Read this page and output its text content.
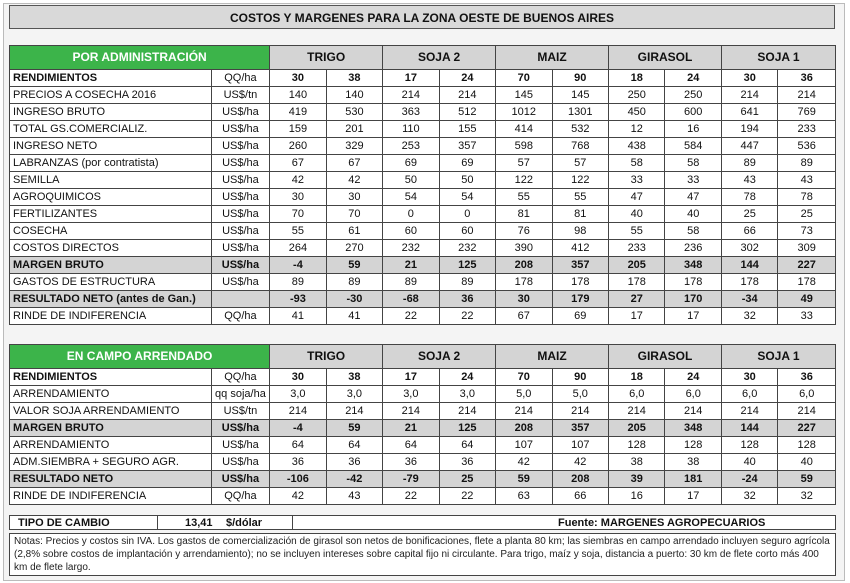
COSTOS Y MARGENES PARA LA ZONA OESTE DE BUENOS AIRES
POR ADMINISTRACIÓN		TRIGO		SOJA 2		MAIZ		GIRASOL		SOJA 1	
RENDIMIENTOS	QQ/ha	30	38	17	24	70	90	18	24	30	36
PRECIOS A COSECHA 2016	US$/tn	140	140	214	214	145	145	250	250	214	214
INGRESO BRUTO	US$/ha	419	530	363	512	1012	1301	450	600	641	769
TOTAL GS.COMERCIALIZ.	US$/ha	159	201	110	155	414	532	12	16	194	233
INGRESO NETO	US$/ha	260	329	253	357	598	768	438	584	447	536
LABRANZAS (por contratista)	US$/ha	67	67	69	69	57	57	58	58	89	89
SEMILLA	US$/ha	42	42	50	50	122	122	33	33	43	43
AGROQUIMICOS	US$/ha	30	30	54	54	55	55	47	47	78	78
FERTILIZANTES	US$/ha	70	70	0	0	81	81	40	40	25	25
COSECHA	US$/ha	55	61	60	60	76	98	55	58	66	73
COSTOS DIRECTOS	US$/ha	264	270	232	232	390	412	233	236	302	309
MARGEN BRUTO	US$/ha	-4	59	21	125	208	357	205	348	144	227
GASTOS DE ESTRUCTURA	US$/ha	89	89	89	89	178	178	178	178	178	178
RESULTADO NETO (antes de Gan.)		-93	-30	-68	36	30	179	27	170	-34	49
RINDE DE INDIFERENCIA	QQ/ha	41	41	22	22	67	69	17	17	32	33
EN CAMPO ARRENDADO		TRIGO		SOJA 2		MAIZ		GIRASOL		SOJA 1	
RENDIMIENTOS	QQ/ha	30	38	17	24	70	90	18	24	30	36
ARRENDAMIENTO	qq soja/ha	3,0	3,0	3,0	3,0	5,0	5,0	6,0	6,0	6,0	6,0
VALOR SOJA ARRENDAMIENTO	US$/tn	214	214	214	214	214	214	214	214	214	214
MARGEN BRUTO	US$/ha	-4	59	21	125	208	357	205	348	144	227
ARRENDAMIENTO	US$/ha	64	64	64	64	107	107	128	128	128	128
ADM.SIEMBRA + SEGURO AGR.	US$/ha	36	36	36	36	42	42	38	38	40	40
RESULTADO NETO	US$/ha	-106	-42	-79	25	59	208	39	181	-24	59
RINDE DE INDIFERENCIA	QQ/ha	42	43	22	22	63	66	16	17	32	32
TIPO DE CAMBIO	13,41 $/dólar	Fuente: MARGENES AGROPECUARIOS
Notas: Precios y costos sin IVA. Los gastos de comercialización de girasol son netos de bonificaciones, flete a planta 80 km; las siembras en campo arrendado incluyen seguro agrícola (2,8% sobre costos de implantación y arrendamiento); no se incluyen intereses sobre capital fijo ni circulante. Para trigo, maíz y soja, distancia a puerto: 30 km de flete corto más 400 km de flete largo.
